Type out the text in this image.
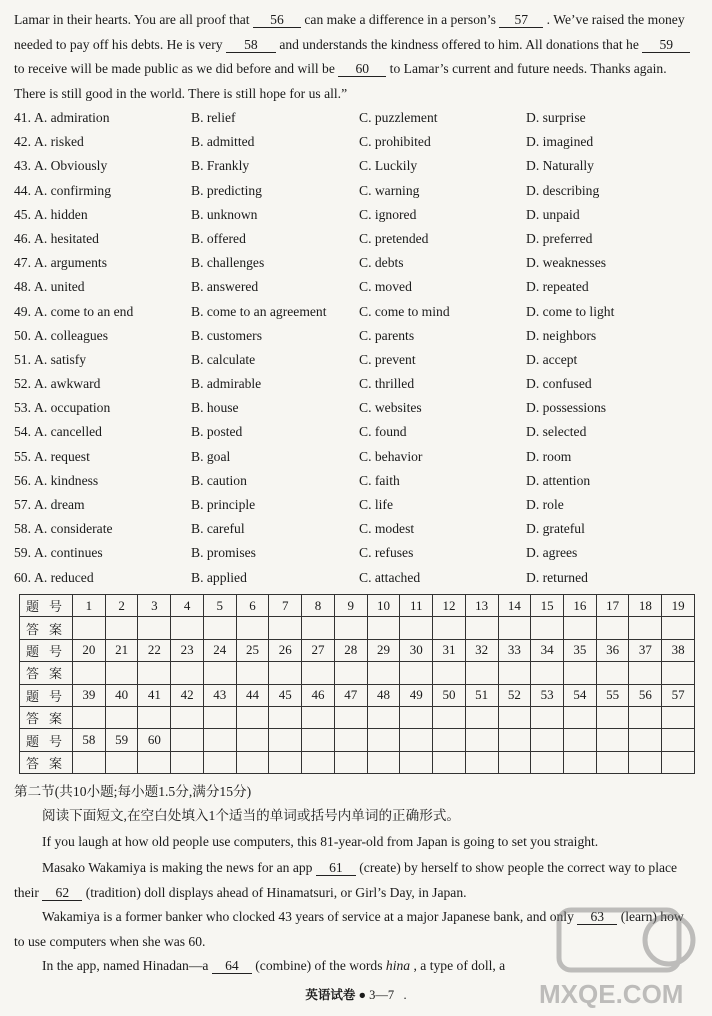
Lamar in their hearts. You are all proof that 56 can make a difference in a person’s 57 . We’ve raised the money
needed to pay off his debts. He is very 58 and understands the kindness offered to him. All donations that he 59
to receive will be made public as we did before and will be 60 to Lamar’s current and future needs. Thanks again.
There is still good in the world. There is still hope for us all.”
41. A. admiration	B. relief	C. puzzlement	D. surprise
42. A. risked	B. admitted	C. prohibited	D. imagined
43. A. Obviously	B. Frankly	C. Luckily	D. Naturally
44. A. confirming	B. predicting	C. warning	D. describing
45. A. hidden	B. unknown	C. ignored	D. unpaid
46. A. hesitated	B. offered	C. pretended	D. preferred
47. A. arguments	B. challenges	C. debts	D. weaknesses
48. A. united	B. answered	C. moved	D. repeated
49. A. come to an end	B. come to an agreement C. come to mind	D. come to light
50. A. colleagues	B. customers	C. parents	D. neighbors
51. A. satisfy	B. calculate	C. prevent	D. accept
52. A. awkward	B. admirable	C. thrilled	D. confused
53. A. occupation	B. house	C. websites	D. possessions
54. A. cancelled	B. posted	C. found	D. selected
55. A. request	B. goal	C. behavior	D. room
56. A. kindness	B. caution	C. faith	D. attention
57. A. dream	B. principle	C. life	D. role
58. A. considerate	B. careful	C. modest	D. grateful
59. A. continues	B. promises	C. refuses	D. agrees
60. A. reduced	B. applied	C. attached	D. returned
题号	1	2	3	4	5	6	7	8	9	10	11	12	13	14	15	16	17	18	19
答案																			
题号	20	21	22	23	24	25	26	27	28	29	30	31	32	33	34	35	36	37	38
答案																			
题号	39	40	41	42	43	44	45	46	47	48	49	50	51	52	53	54	55	56	57
答案																			
题号	58	59	60																
答案																			
第二节(共10小题;每小题1.5分,满分15分)
阅读下面短文,在空白处填入1个适当的单词或括号内单词的正确形式。
If you laugh at how old people use computers, this 81-year-old from Japan is going to set you straight.
Masako Wakamiya is making the news for an app 61 (create) by herself to show people the correct way to place
their 62 (tradition) doll displays ahead of Hinamatsuri, or Girl’s Day, in Japan.
Wakamiya is a former banker who clocked 43 years of service at a major Japanese bank, and only 63 (learn) how
to use computers when she was 60.
In the app, named Hinadan—a 64 (combine) of the words hina , a type of doll, a
英语试卷 ● 3—7   .	MXQE.COM
